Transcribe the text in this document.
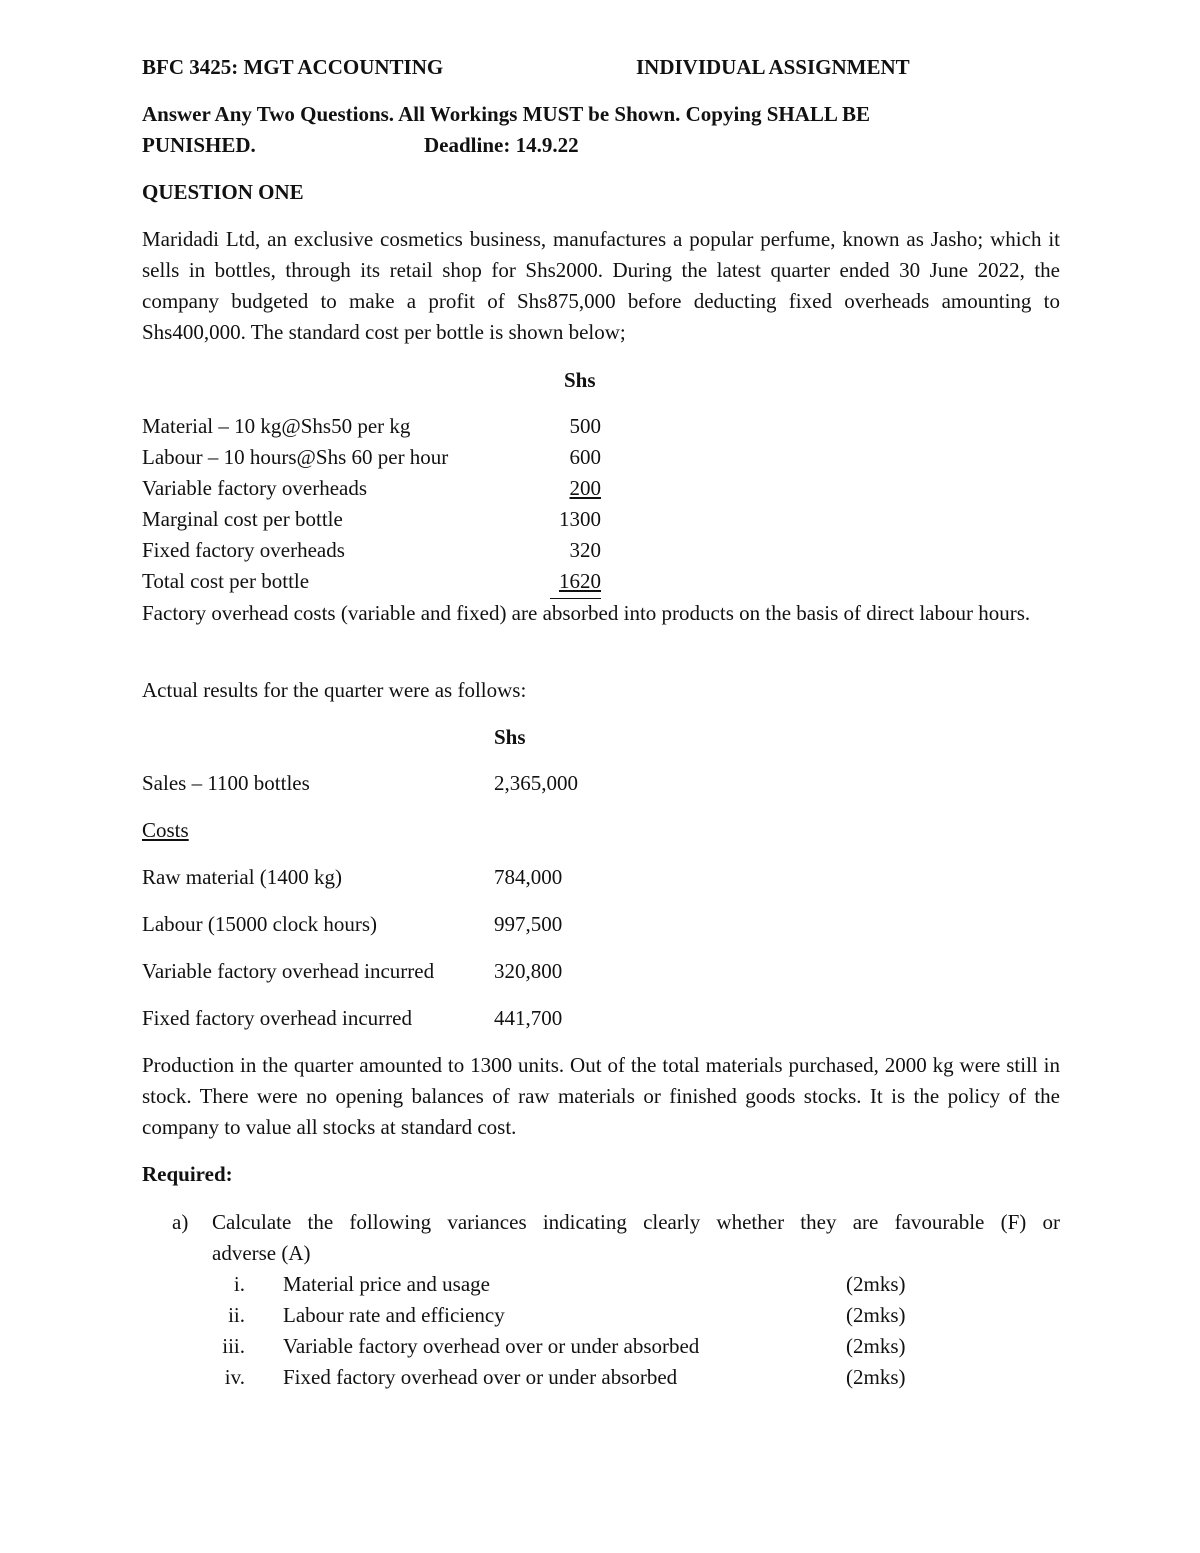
BFC 3425: MGT ACCOUNTING	INDIVIDUAL ASSIGNMENT
Answer Any Two Questions. All Workings MUST be Shown. Copying SHALL BE
PUNISHED.	Deadline: 14.9.22
QUESTION ONE
Maridadi Ltd, an exclusive cosmetics business, manufactures a popular perfume, known as Jasho; which it sells in bottles, through its retail shop for Shs2000. During the latest quarter ended 30 June 2022, the company budgeted to make a profit of Shs875,000 before deducting fixed overheads amounting to Shs400,000. The standard cost per bottle is shown below;
Shs
Material – 10 kg@Shs50 per kg	500
Labour – 10 hours@Shs 60 per hour	600
Variable factory overheads	200
Marginal cost per bottle	1300
Fixed factory overheads	320
Total cost per bottle	1620
Factory overhead costs (variable and fixed) are absorbed into products on the basis of direct labour hours.
Actual results for the quarter were as follows:
Shs
Sales – 1100 bottles	2,365,000
Costs
Raw material (1400 kg)	784,000
Labour (15000 clock hours)	997,500
Variable factory overhead incurred	320,800
Fixed factory overhead incurred	441,700
Production in the quarter amounted to 1300 units. Out of the total materials purchased, 2000 kg were still in stock. There were no opening balances of raw materials or finished goods stocks. It is the policy of the company to value all stocks at standard cost.
Required:
a) Calculate the following variances indicating clearly whether they are favourable (F) or
adverse (A)
i. Material price and usage	(2mks)
ii. Labour rate and efficiency	(2mks)
iii. Variable factory overhead over or under absorbed	(2mks)
iv. Fixed factory overhead over or under absorbed	(2mks)
